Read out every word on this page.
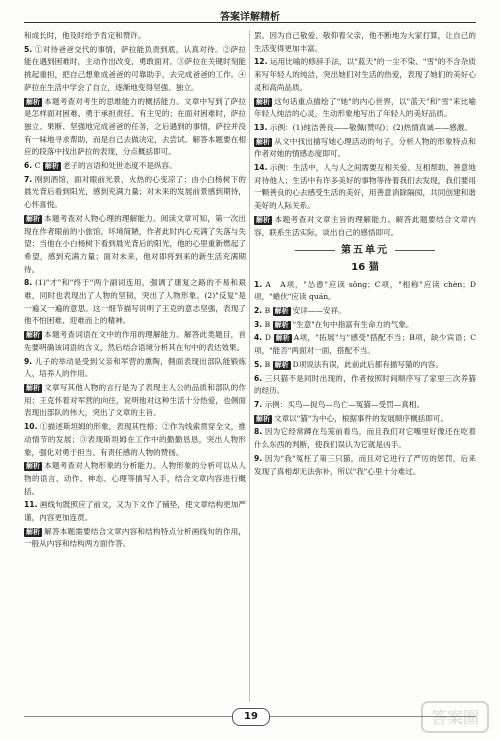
答案详解精析

和成长时，他及时给予肯定和赞许。

5. ①对待爸爸交代的事情，萨拉能负责到底，认真对待。②萨拉能在遇到困难时，主动作出改变，勇敢面对。③萨拉在关键时刻能挑起重担，把自己想象成爸爸的可靠助手，去完成爸爸的工作。④萨拉在生活中学会了自立，逐渐地变得坚强、独立。

解析 本题考查对考生的思维能力的概括能力。文章中写到了萨拉是怎样面对困难、勇于承担责任、有主见的；在面对困难时，萨拉独立、果断、坚强地完成爸爸的任务，之后遇到的事情，萨拉并没有一味地寻求帮助，而是自己去做决定，去尝试。解答本题要在相应的段落中找出萨拉的表现，分点概括即可。

6. C 解析 老子的言语和处世态度不是纵容。

7. 刚到酒馆，面对眼前光景，火热的心变凉了；由小白杨树下的晨光背后看到阳光，感到充满力量；对未来的发展前景感到期待，心怀喜悦。

解析 本题考查对人物心理的理解能力。阅读文章可知，第一次出现在作者眼前的小旅馆，环境简陋，作者此时内心充满了失落与失望；当他在小白杨树下看到晨光背后的阳光，他的心里重新燃起了希望，感到充满力量；面对未来，他对即将到来的新生活充满期待。

8. (1)"才"和"终于"两个副词连用，强调了康复之路的不易和艰难，同时也表现出了人物的坚韧，突出了人物形象。(2)"反复"是一遍又一遍的意思。这一细节描写说明了王克的意志坚强，表现了他不怕困难、迎难而上的精神。

解析 本题考查词语在文中的作用的理解能力。解答此类题目，首先要明确该词语的含义，然后结合语境分析其在句中的表达效果。

9. 儿子的举动是受到父亲和军营的熏陶，側面表现出部队能锻炼人、培养人的作用。

解析 文章写其他人物的言行是为了表现主人公的品质和部队的作用；王克怀着对军营的向往，说明他对这种生活十分热爱，也侧面表现出部队的伟大，突出了文章的主旨。

10. ①描述斯坦姆的形象，表现其性格；②作为线索贯穿全文，推动情节的发展；③表现斯坦姆在工作中的勤勤恳恳，突出人物形象，强化对勇于担当、有责任感的人物的赞扬。

解析 本题考查对人物形象的分析能力。人物形象的分析可以从人物的语言、动作、神态、心理等描写入手，结合文章内容进行概括。

11. 画线句既照应了前文，又为下文作了铺垫，使文章结构更加严谨，内容更加连贯。

解析 解答本题需要结合文章内容和结构特点分析画线句的作用，一般从内容和结构两方面作答。

罢。因为自己敬爱、敬仰着父亲，他不断地为大家打算，让自己的生活变得更加丰富。

12. 运用比喻的修辞手法，以"蓝天"的一尘不染、"雪"的不含杂质来写年轻人的纯洁，突出她们对生活的热爱，表现了她们的美好心灵和高尚品质。

解析 这句话重点描绘了"她"的内心世界，以"蓝天"和"雪"来比喻年轻人纯洁的心灵，生动形象地写出了年轻人的美好品质。

13. 示例：(1)纯洁善良——敬佩(赞叹)；(2)热情真诚——感激。

解析 从文中找出描写她心理活动的句子，分析人物的形象特点和作者对她的情感态度即可。

14. 示例：生活中，人与人之间需要互相关爱、互相帮助、善意地对待他人；生活中有许多美好的事物等待着我们去发现，我们要用一颗善良的心去感受生活的美好，用善意消除隔阂，共同创建和谐美好的人际关系。

解析 本题考查对文章主旨的理解能力。解答此题要结合文章内容，联系生活实际，谈出自己的感悟即可。

第五单元
16 猫

1. A　A项，"怂恿"应读 sǒng；C项，"相称"应读 chèn；D项，"蜷伏"应读 quán。

2. B 解析 安详——安祥。

3. B 解析 "生意"在句中指富有生命力的气象。

4. D 解析 A项，"拓展"与"感受"搭配不当；B项，缺少宾语；C项，"能否"两面对一面，搭配不当。

5. B 解析 D项说法有误，此前此后都有描写猫的内容。

6. 三只猫不是同时出现的，作者按照时间顺序写了家里三次养猫的经历。

7. 示例：买鸟—捉鸟—鸟亡—冤猫—受罚—真相。

解析 文章以"猫"为中心，根据事件的发展顺序概括即可。

8. 因为它经常蹲在鸟笼前看鸟，而且我们对它嘴里好像还在吃着什么东西的判断，使我们误认为它就是凶手。

9. 因为"我"冤枉了第三只猫，而且对它进行了严厉的惩罚，后来发现了真相却无法弥补，所以"我"心里十分难过。

19	答案圈
